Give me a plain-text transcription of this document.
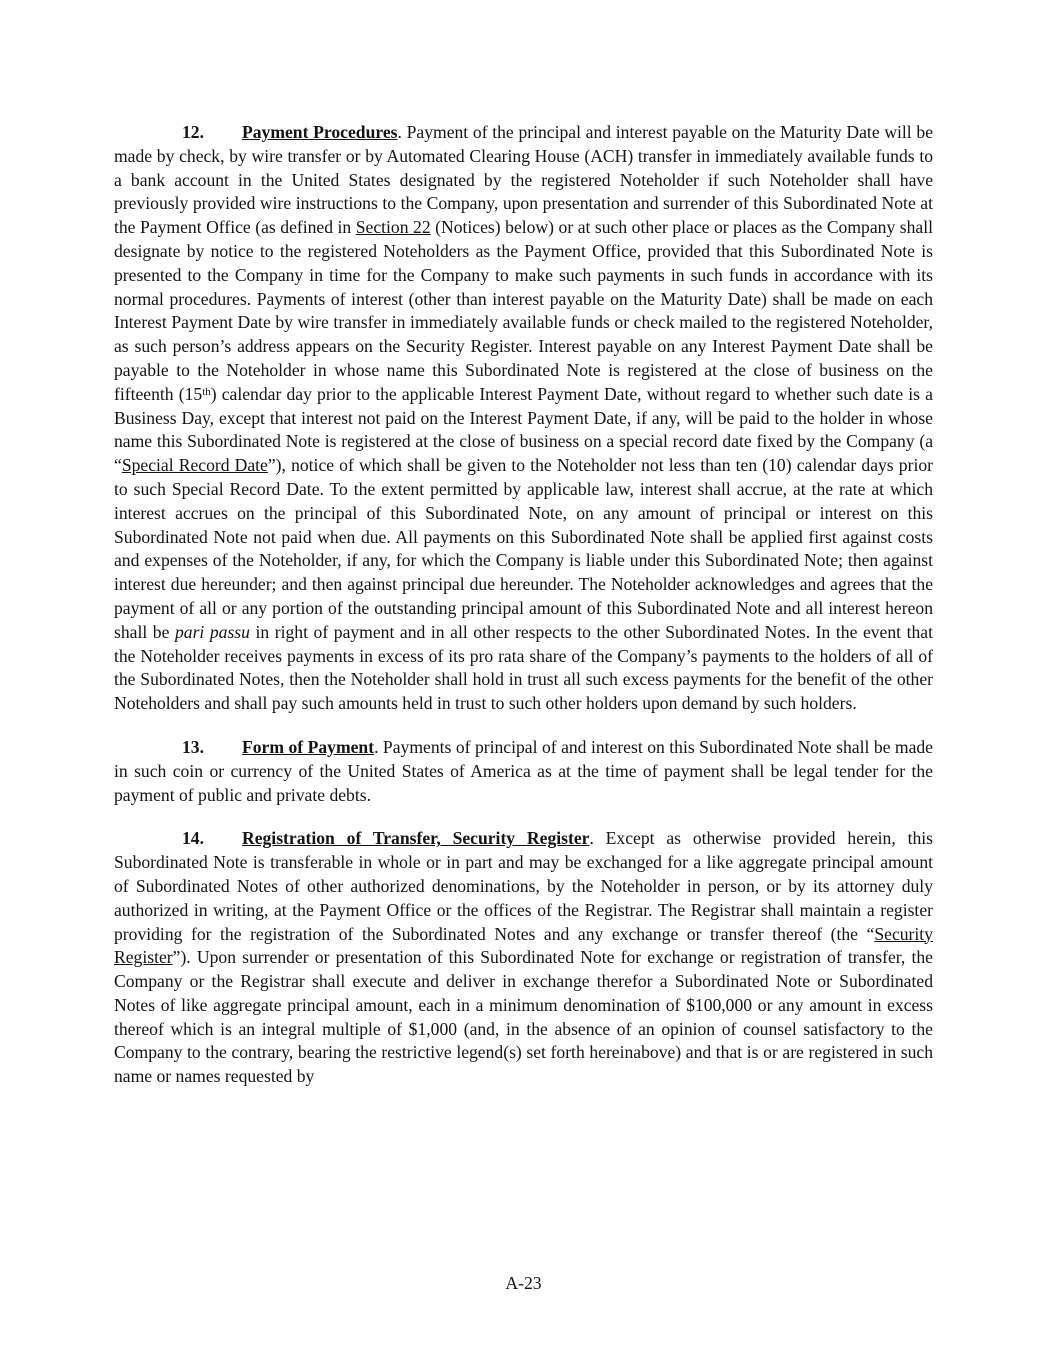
12. Payment Procedures. Payment of the principal and interest payable on the Maturity Date will be made by check, by wire transfer or by Automated Clearing House (ACH) transfer in immediately available funds to a bank account in the United States designated by the registered Noteholder if such Noteholder shall have previously provided wire instructions to the Company, upon presentation and surrender of this Subordinated Note at the Payment Office (as defined in Section 22 (Notices) below) or at such other place or places as the Company shall designate by notice to the registered Noteholders as the Payment Office, provided that this Subordinated Note is presented to the Company in time for the Company to make such payments in such funds in accordance with its normal procedures. Payments of interest (other than interest payable on the Maturity Date) shall be made on each Interest Payment Date by wire transfer in immediately available funds or check mailed to the registered Noteholder, as such person’s address appears on the Security Register. Interest payable on any Interest Payment Date shall be payable to the Noteholder in whose name this Subordinated Note is registered at the close of business on the fifteenth (15th) calendar day prior to the applicable Interest Payment Date, without regard to whether such date is a Business Day, except that interest not paid on the Interest Payment Date, if any, will be paid to the holder in whose name this Subordinated Note is registered at the close of business on a special record date fixed by the Company (a “Special Record Date”), notice of which shall be given to the Noteholder not less than ten (10) calendar days prior to such Special Record Date. To the extent permitted by applicable law, interest shall accrue, at the rate at which interest accrues on the principal of this Subordinated Note, on any amount of principal or interest on this Subordinated Note not paid when due. All payments on this Subordinated Note shall be applied first against costs and expenses of the Noteholder, if any, for which the Company is liable under this Subordinated Note; then against interest due hereunder; and then against principal due hereunder. The Noteholder acknowledges and agrees that the payment of all or any portion of the outstanding principal amount of this Subordinated Note and all interest hereon shall be pari passu in right of payment and in all other respects to the other Subordinated Notes. In the event that the Noteholder receives payments in excess of its pro rata share of the Company’s payments to the holders of all of the Subordinated Notes, then the Noteholder shall hold in trust all such excess payments for the benefit of the other Noteholders and shall pay such amounts held in trust to such other holders upon demand by such holders.

13. Form of Payment. Payments of principal of and interest on this Subordinated Note shall be made in such coin or currency of the United States of America as at the time of payment shall be legal tender for the payment of public and private debts.

14. Registration of Transfer, Security Register. Except as otherwise provided herein, this Subordinated Note is transferable in whole or in part and may be exchanged for a like aggregate principal amount of Subordinated Notes of other authorized denominations, by the Noteholder in person, or by its attorney duly authorized in writing, at the Payment Office or the offices of the Registrar. The Registrar shall maintain a register providing for the registration of the Subordinated Notes and any exchange or transfer thereof (the “Security Register”). Upon surrender or presentation of this Subordinated Note for exchange or registration of transfer, the Company or the Registrar shall execute and deliver in exchange therefor a Subordinated Note or Subordinated Notes of like aggregate principal amount, each in a minimum denomination of $100,000 or any amount in excess thereof which is an integral multiple of $1,000 (and, in the absence of an opinion of counsel satisfactory to the Company to the contrary, bearing the restrictive legend(s) set forth hereinabove) and that is or are registered in such name or names requested by

A-23
